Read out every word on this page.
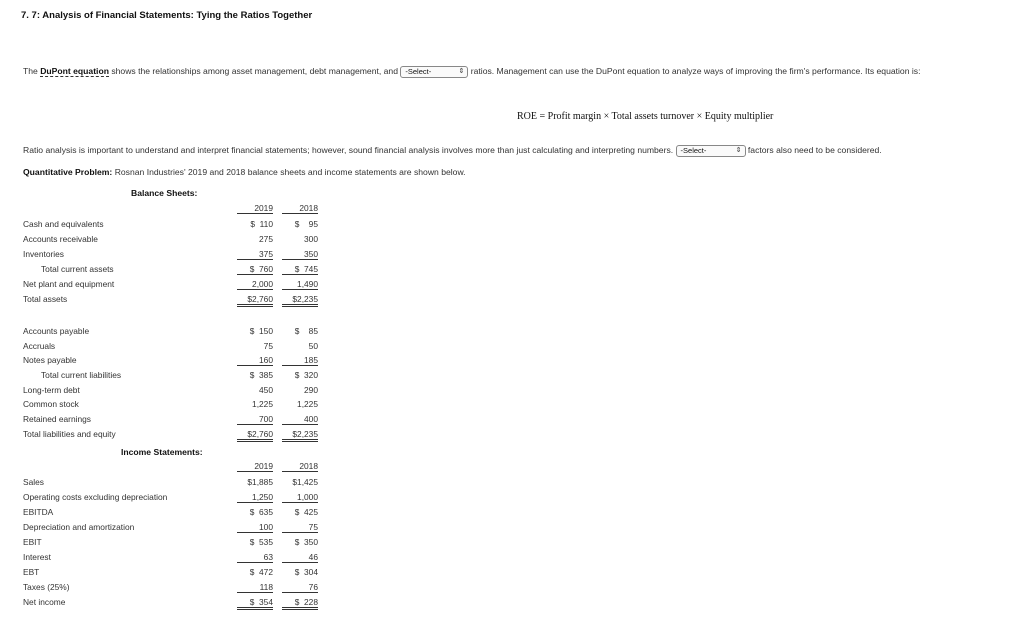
7. 7: Analysis of Financial Statements: Tying the Ratios Together
The DuPont equation shows the relationships among asset management, debt management, and -Select-	⇕ ratios. Management can use the DuPont equation to analyze ways of improving the firm's performance. Its equation is:
ROE = Profit margin × Total assets turnover × Equity multiplier
Ratio analysis is important to understand and interpret financial statements; however, sound financial analysis involves more than just calculating and interpreting numbers. -Select-	⇕ factors also need to be considered.
Quantitative Problem: Rosnan Industries' 2019 and 2018 balance sheets and income statements are shown below.
Balance Sheets:
2019	2018
Cash and equivalents	$  110	$    95
Accounts receivable	275	300
Inventories	375	350
Total current assets	$  760	$  745
Net plant and equipment	2,000	1,490
Total assets	$2,760	$2,235
Accounts payable	$  150	$    85
Accruals	75	50
Notes payable	160	185
Total current liabilities	$  385	$  320
Long-term debt	450	290
Common stock	1,225	1,225
Retained earnings	700	400
Total liabilities and equity	$2,760	$2,235
Income Statements:
2019	2018
Sales	$1,885	$1,425
Operating costs excluding depreciation	1,250	1,000
EBITDA	$  635	$  425
Depreciation and amortization	100	75
EBIT	$  535	$  350
Interest	63	46
EBT	$  472	$  304
Taxes (25%)	118	76
Net income	$  354	$  228
